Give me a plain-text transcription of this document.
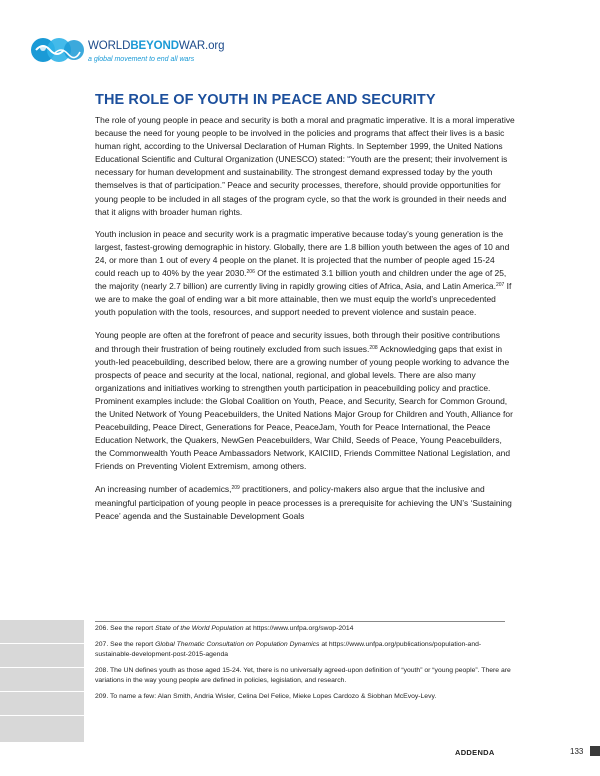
WORLDBEYONDWAR.org
a global movement to end all wars
THE ROLE OF YOUTH IN PEACE AND SECURITY

The role of young people in peace and security is both a moral and pragmatic imperative. It is a moral imperative because the need for young people to be involved in the policies and programs that affect their lives is a basic human right, according to the Universal Declaration of Human Rights. In September 1999, the United Nations Educational Scientific and Cultural Organization (UNESCO) stated: “Youth are the present; their involvement is necessary for human development and sustainability. The strongest demand expressed today by the youth themselves is that of participation.” Peace and security processes, therefore, should provide opportunities for young people to be included in all stages of the program cycle, so that the work is grounded in their needs and that it aligns with broader human rights.

Youth inclusion in peace and security work is a pragmatic imperative because today’s young generation is the largest, fastest-growing demographic in history. Globally, there are 1.8 billion youth between the ages of 10 and 24, or more than 1 out of every 4 people on the planet. It is projected that the number of people aged 15-24 could reach up to 40% by the year 2030.$^{206}$ Of the estimated 3.1 billion youth and children under the age of 25, the majority (nearly 2.7 billion) are currently living in rapidly growing cities of Africa, Asia, and Latin America.$^{207}$ If we are to make the goal of ending war a bit more attainable, then we must equip the world’s unprecedented youth population with the tools, resources, and support needed to prevent violence and sustain peace.

Young people are often at the forefront of peace and security issues, both through their positive contributions and through their frustration of being routinely excluded from such issues.$^{208}$ Acknowledging gaps that exist in youth-led peacebuilding, described below, there are a growing number of young people working to advance the prospects of peace and security at the local, national, regional, and global levels. There are also many organizations and initiatives working to strengthen youth participation in peacebuilding policy and practice. Prominent examples include: the Global Coalition on Youth, Peace, and Security, Search for Common Ground, the United Network of Young Peacebuilders, the United Nations Major Group for Children and Youth, Alliance for Peacebuilding, Peace Direct, Generations for Peace, PeaceJam, Youth for Peace International, the Peace Education Network, the Quakers, NewGen Peacebuilders, War Child, Seeds of Peace, Young Peacebuilders, the Commonwealth Youth Peace Ambassadors Network, KAICIID, Friends Committee National Legislation, and Friends on Preventing Violent Extremism, among others.

An increasing number of academics,$^{209}$ practitioners, and policy-makers also argue that the inclusive and meaningful participation of young people in peace processes is a prerequisite for achieving the UN’s ‘Sustaining Peace’ agenda and the Sustainable Development Goals

206. See the report State of the World Population at https://www.unfpa.org/swop-2014
207. See the report Global Thematic Consultation on Population Dynamics at https://www.unfpa.org/publications/population-and-sustainable-development-post-2015-agenda
208. The UN defines youth as those aged 15-24. Yet, there is no universally agreed-upon definition of “youth” or “young people”. There are variations in the way young people are defined in policies, legislation, and research.
209. To name a few: Alan Smith, Andria Wisler, Celina Del Felice, Mieke Lopes Cardozo & Siobhan McEvoy-Levy.
ADDENDA	133
